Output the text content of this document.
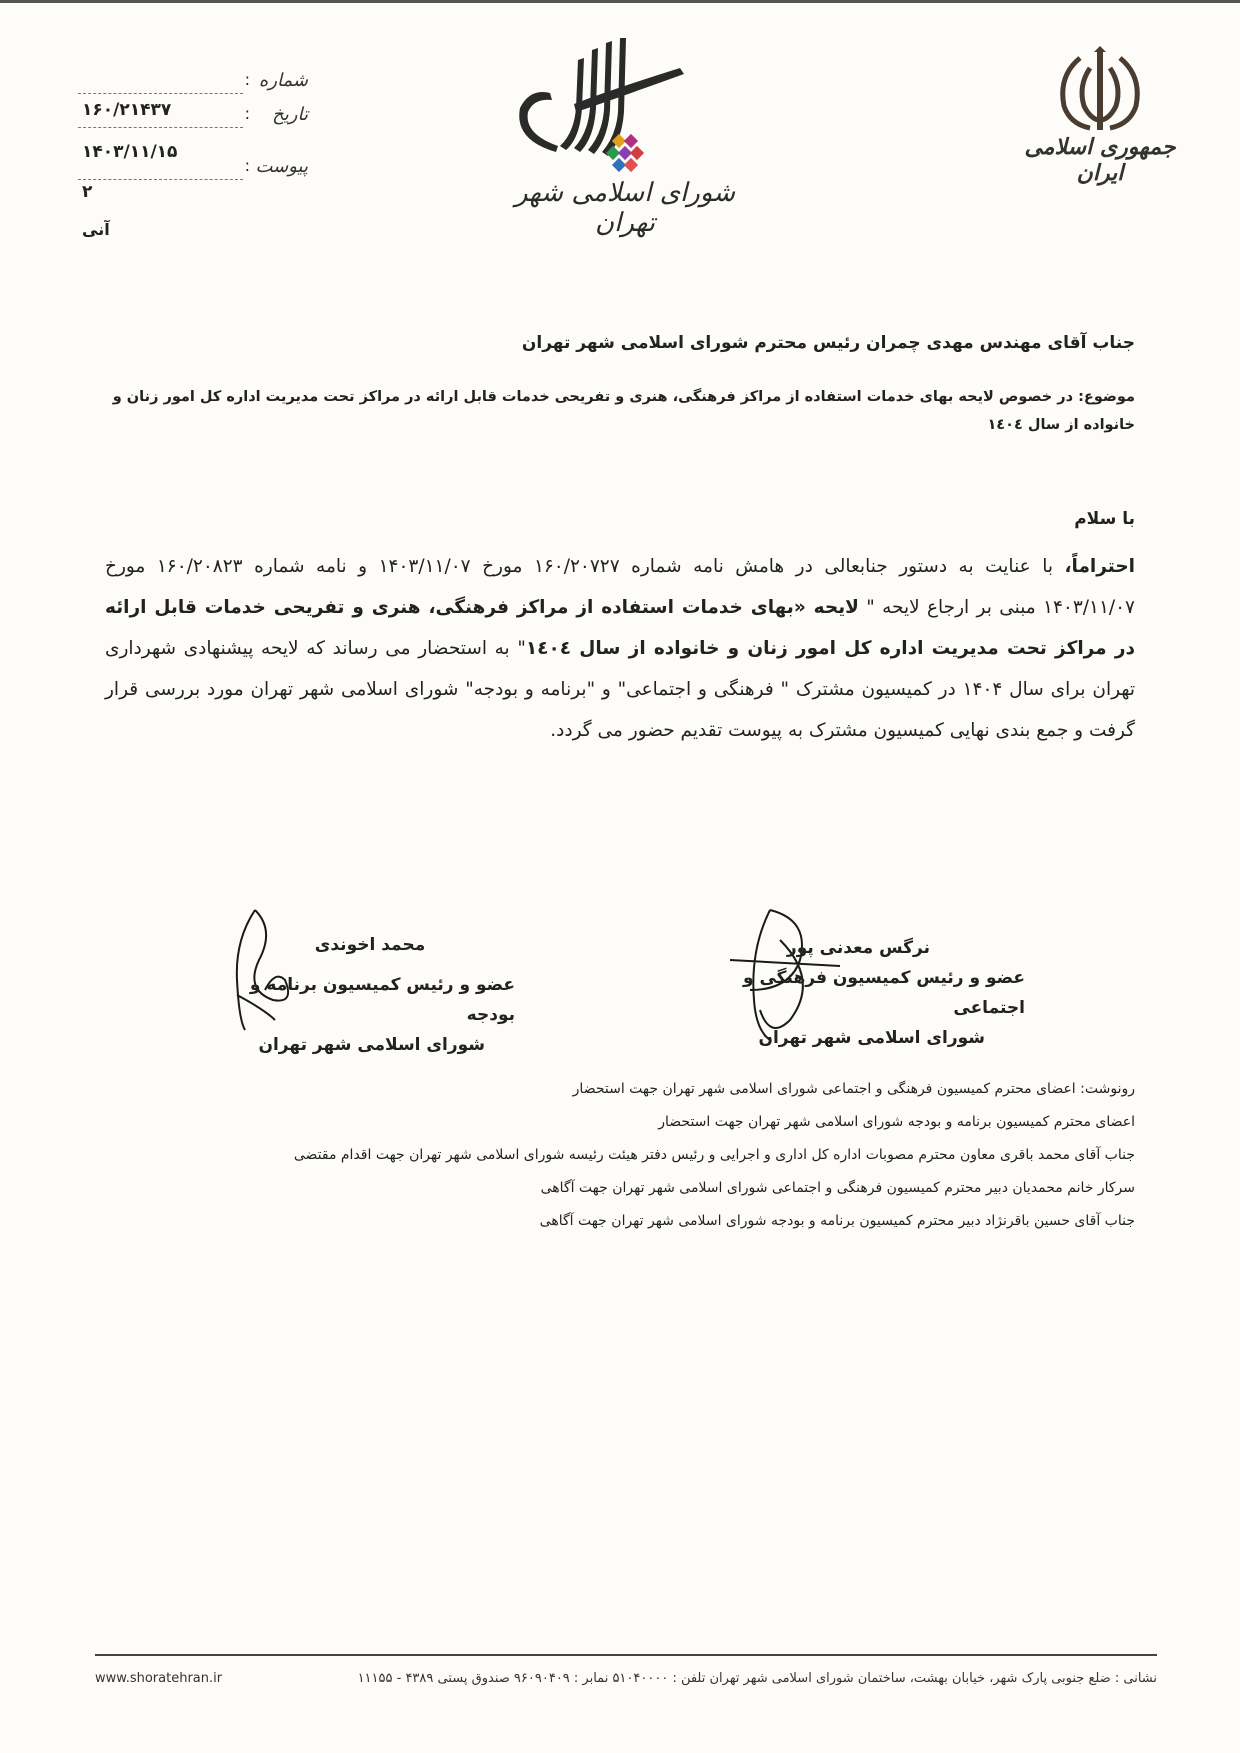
شماره
:
۱۶۰/۲۱۴۳۷	تاریخ
:
۱۴۰۳/۱۱/۱۵
پیوست
:
۲
آنی
شورای اسلامی شهر تهران
جمهوری اسلامی ایران
جناب آقای مهندس مهدی چمران رئیس محترم شورای اسلامی شهر تهران
موضوع: در خصوص لایحه بهای خدمات استفاده از مراکز فرهنگی، هنری و تفریحی خدمات قابل ارائه در مراکز تحت مدیریت اداره کل امور زنان و خانواده از سال ۱٤۰٤
با سلام
احتراماً، با عنایت به دستور جنابعالی در هامش نامه شماره ۱۶۰/۲۰۷۲۷ مورخ ۱۴۰۳/۱۱/۰۷ و نامه شماره ۱۶۰/۲۰۸۲۳ مورخ ۱۴۰۳/۱۱/۰۷ مبنی بر ارجاع لایحه " لایحه «بهای خدمات استفاده از مراکز فرهنگی، هنری و تفریحی خدمات قابل ارائه در مراکز تحت مدیریت اداره کل امور زنان و خانواده از سال ۱٤۰٤" به استحضار می رساند که لایحه پیشنهادی شهرداری تهران برای سال ۱۴۰۴ در کمیسیون مشترک " فرهنگی و اجتماعی" و "برنامه و بودجه" شورای اسلامی شهر تهران مورد بررسی قرار گرفت و جمع بندی نهایی کمیسیون مشترک به پیوست تقدیم حضور می گردد.
محمد اخوندی
عضو و رئیس کمیسیون برنامه و بودجه
شورای اسلامی شهر تهران
نرگس معدنی پور
عضو و رئیس کمیسیون فرهنگی و اجتماعی
شورای اسلامی شهر تهران
رونوشت: اعضای محترم کمیسیون فرهنگی و اجتماعی شورای اسلامی شهر تهران جهت استحضار
اعضای محترم کمیسیون برنامه و بودجه شورای اسلامی شهر تهران جهت استحضار
جناب آقای محمد باقری معاون محترم مصوبات اداره کل اداری و اجرایی و رئیس دفتر هیئت رئیسه شورای اسلامی شهر تهران جهت اقدام مقتضی
سرکار خانم محمدیان دبیر محترم کمیسیون فرهنگی و اجتماعی شورای اسلامی شهر تهران جهت آگاهی
جناب آقای حسین باقرنژاد دبیر محترم کمیسیون برنامه و بودجه شورای اسلامی شهر تهران جهت آگاهی
www.shoratehran.ir	نشانی : ضلع جنوبی پارک شهر، خیابان بهشت، ساختمان شورای اسلامی شهر تهران تلفن : ۵۱۰۴۰۰۰۰ نمابر : ۹۶۰۹۰۴۰۹ صندوق پستی ۴۳۸۹ - ۱۱۱۵۵
